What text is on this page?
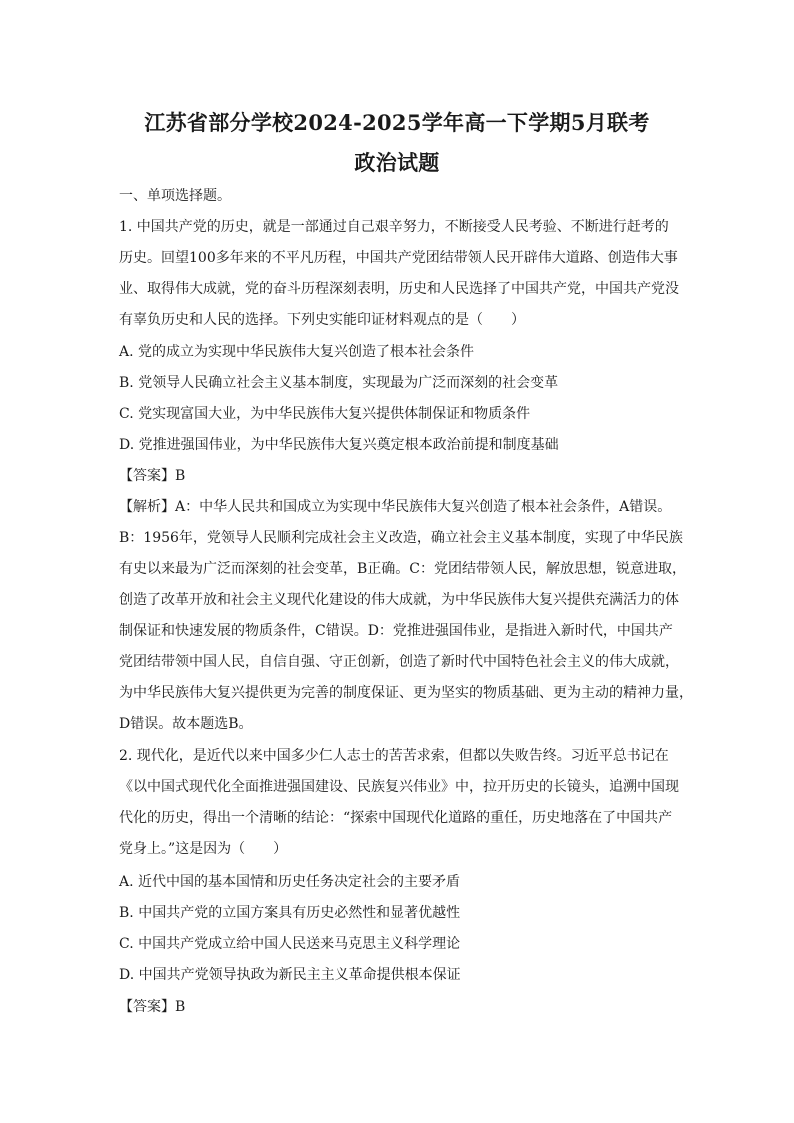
江苏省部分学校2024-2025学年高一下学期5月联考
政治试题
一、单项选择题。
1. 中国共产党的历史，就是一部通过自己艰辛努力，不断接受人民考验、不断进行赶考的
历史。回望100多年来的不平凡历程，中国共产党团结带领人民开辟伟大道路、创造伟大事
业、取得伟大成就，党的奋斗历程深刻表明，历史和人民选择了中国共产党，中国共产党没
有辜负历史和人民的选择。下列史实能印证材料观点的是（　　）
A. 党的成立为实现中华民族伟大复兴创造了根本社会条件
B. 党领导人民确立社会主义基本制度，实现最为广泛而深刻的社会变革
C. 党实现富国大业，为中华民族伟大复兴提供体制保证和物质条件
D. 党推进强国伟业，为中华民族伟大复兴奠定根本政治前提和制度基础
【答案】B
【解析】A：中华人民共和国成立为实现中华民族伟大复兴创造了根本社会条件，A错误。
B：1956年，党领导人民顺利完成社会主义改造，确立社会主义基本制度，实现了中华民族
有史以来最为广泛而深刻的社会变革，B正确。C：党团结带领人民，解放思想，锐意进取，
创造了改革开放和社会主义现代化建设的伟大成就，为中华民族伟大复兴提供充满活力的体
制保证和快速发展的物质条件，C错误。D：党推进强国伟业，是指进入新时代，中国共产
党团结带领中国人民，自信自强、守正创新，创造了新时代中国特色社会主义的伟大成就，
为中华民族伟大复兴提供更为完善的制度保证、更为坚实的物质基础、更为主动的精神力量，
D错误。故本题选B。
2. 现代化，是近代以来中国多少仁人志士的苦苦求索，但都以失败告终。习近平总书记在
《以中国式现代化全面推进强国建设、民族复兴伟业》中，拉开历史的长镜头，追溯中国现
代化的历史，得出一个清晰的结论：“探索中国现代化道路的重任，历史地落在了中国共产
党身上。”这是因为（　　）
A. 近代中国的基本国情和历史任务决定社会的主要矛盾
B. 中国共产党的立国方案具有历史必然性和显著优越性
C. 中国共产党成立给中国人民送来马克思主义科学理论
D. 中国共产党领导执政为新民主主义革命提供根本保证
【答案】B
